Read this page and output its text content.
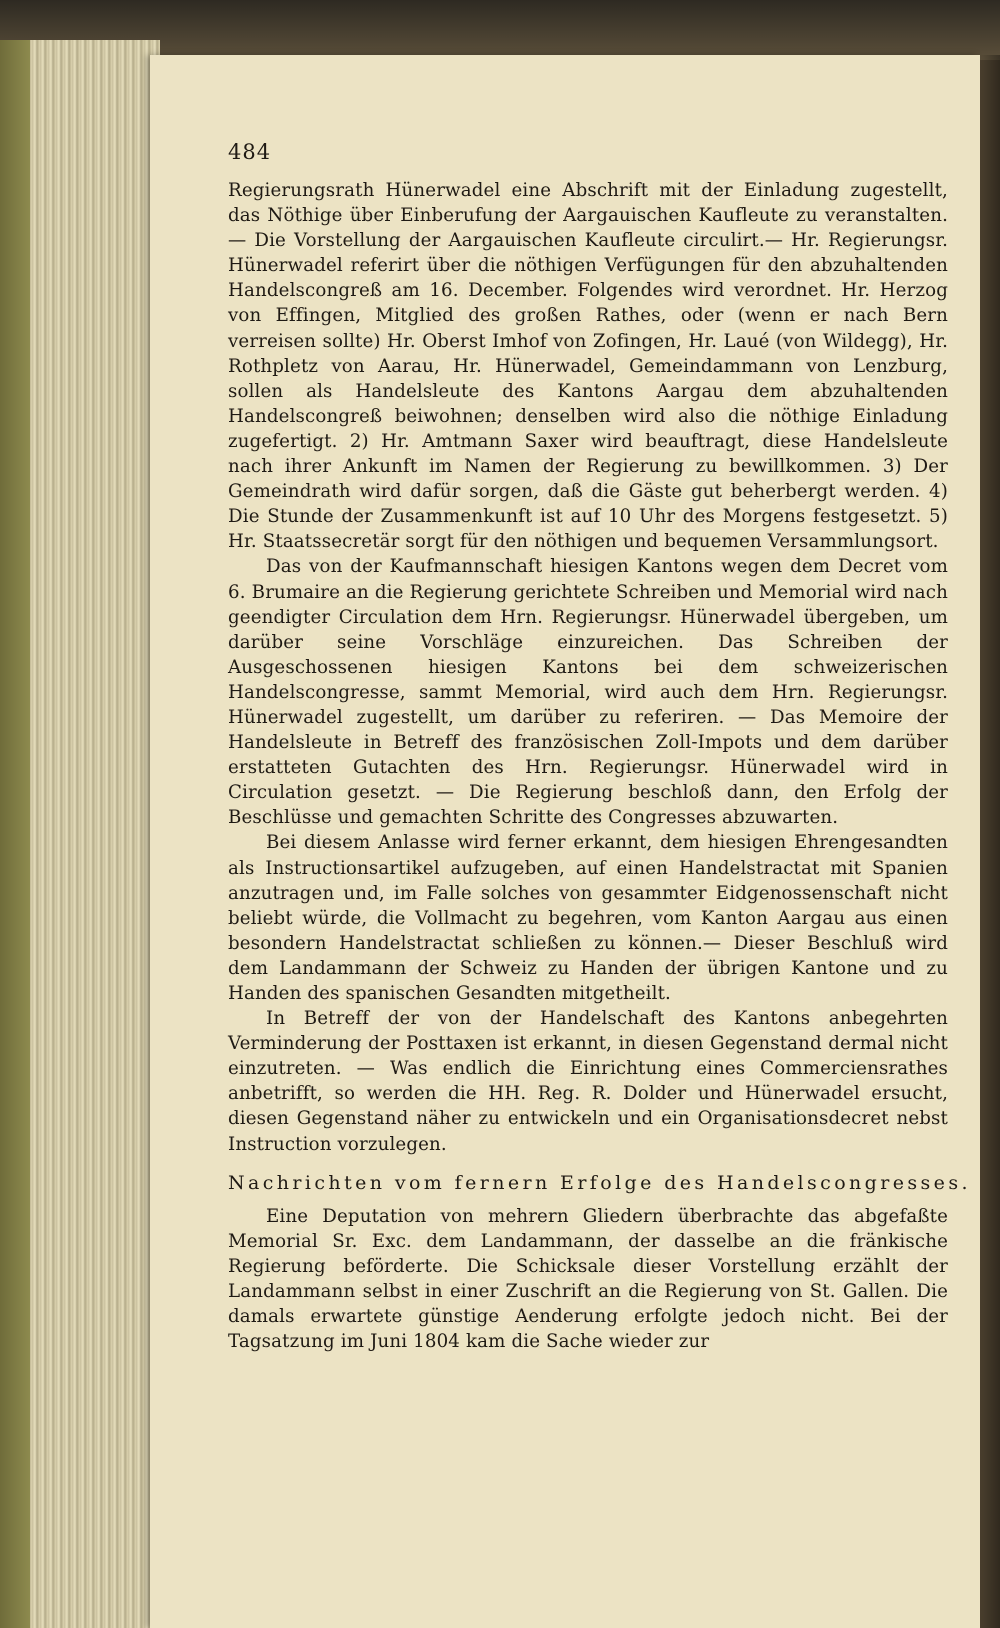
484

Regierungsrath Hünerwadel eine Abschrift mit der Einladung zugestellt, das Nöthige über Einberufung der Aargauischen Kaufleute zu veranstalten. — Die Vorstellung der Aargauischen Kaufleute circulirt.— Hr. Regierungsr. Hünerwadel referirt über die nöthigen Verfügungen für den abzuhaltenden Handelscongreß am 16. December. Folgendes wird verordnet. Hr. Herzog von Effingen, Mitglied des großen Rathes, oder (wenn er nach Bern verreisen sollte) Hr. Oberst Imhof von Zofingen, Hr. Laué (von Wildegg), Hr. Rothpletz von Aarau, Hr. Hünerwadel, Gemeindammann von Lenzburg, sollen als Handelsleute des Kantons Aargau dem abzuhaltenden Handelscongreß beiwohnen; denselben wird also die nöthige Einladung zugefertigt. 2) Hr. Amtmann Saxer wird beauftragt, diese Handelsleute nach ihrer Ankunft im Namen der Regierung zu bewillkommen. 3) Der Gemeindrath wird dafür sorgen, daß die Gäste gut beherbergt werden. 4) Die Stunde der Zusammenkunft ist auf 10 Uhr des Morgens festgesetzt. 5) Hr. Staatssecretär sorgt für den nöthigen und bequemen Versammlungsort.

Das von der Kaufmannschaft hiesigen Kantons wegen dem Decret vom 6. Brumaire an die Regierung gerichtete Schreiben und Memorial wird nach geendigter Circulation dem Hrn. Regierungsr. Hünerwadel übergeben, um darüber seine Vorschläge einzureichen. Das Schreiben der Ausgeschossenen hiesigen Kantons bei dem schweizerischen Handelscongresse, sammt Memorial, wird auch dem Hrn. Regierungsr. Hünerwadel zugestellt, um darüber zu referiren. — Das Memoire der Handelsleute in Betreff des französischen Zoll-Impots und dem darüber erstatteten Gutachten des Hrn. Regierungsr. Hünerwadel wird in Circulation gesetzt. — Die Regierung beschloß dann, den Erfolg der Beschlüsse und gemachten Schritte des Congresses abzuwarten.

Bei diesem Anlasse wird ferner erkannt, dem hiesigen Ehrengesandten als Instructionsartikel aufzugeben, auf einen Handelstractat mit Spanien anzutragen und, im Falle solches von gesammter Eidgenossenschaft nicht beliebt würde, die Vollmacht zu begehren, vom Kanton Aargau aus einen besondern Handelstractat schließen zu können.— Dieser Beschluß wird dem Landammann der Schweiz zu Handen der übrigen Kantone und zu Handen des spanischen Gesandten mitgetheilt.

In Betreff der von der Handelschaft des Kantons anbegehrten Verminderung der Posttaxen ist erkannt, in diesen Gegenstand dermal nicht einzutreten. — Was endlich die Einrichtung eines Commerciensrathes anbetrifft, so werden die HH. Reg. R. Dolder und Hünerwadel ersucht, diesen Gegenstand näher zu entwickeln und ein Organisationsdecret nebst Instruction vorzulegen.

Nachrichten vom fernern Erfolge des Handelscongresses.

Eine Deputation von mehrern Gliedern überbrachte das abgefaßte Memorial Sr. Exc. dem Landammann, der dasselbe an die fränkische Regierung beförderte. Die Schicksale dieser Vorstellung erzählt der Landammann selbst in einer Zuschrift an die Regierung von St. Gallen. Die damals erwartete günstige Aenderung erfolgte jedoch nicht. Bei der Tagsatzung im Juni 1804 kam die Sache wieder zur
